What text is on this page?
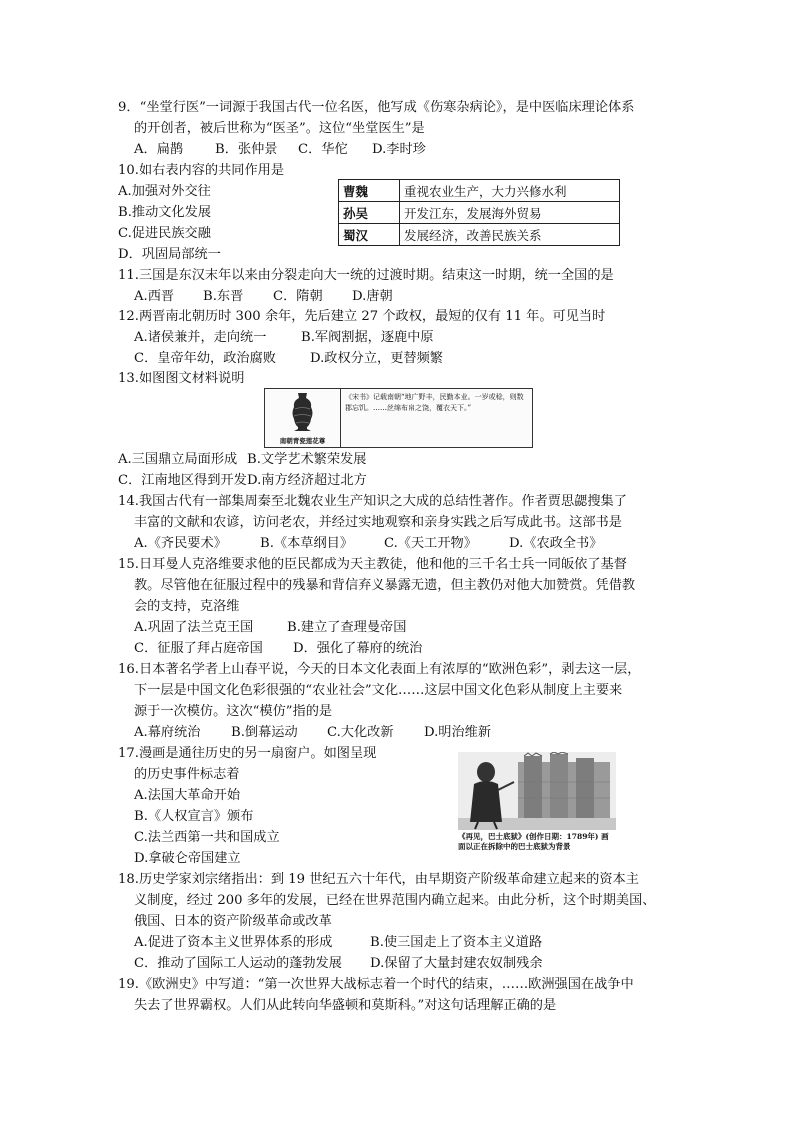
9．“坐堂行医”一词源于我国古代一位名医，他写成《伤寒杂病论》，是中医临床理论体系
的开创者，被后世称为“医圣”。这位“坐堂医生”是
A．扁鹊 B．张仲景 C．华佗 D.李时珍
10.如右表内容的共同作用是
A.加强对外交往
B.推动文化发展
C.促进民族交融
D．巩固局部统一
曹魏	重视农业生产，大力兴修水利
孙吴	开发江东，发展海外贸易
蜀汉	发展经济，改善民族关系
11.三国是东汉末年以来由分裂走向大一统的过渡时期。结束这一时期，统一全国的是
A.西晋 B.东晋 C．隋朝 D.唐朝
12.两晋南北朝历时 300 余年，先后建立 27 个政权，最短的仅有 11 年。可见当时
A.诸侯兼并，走向统一	B.军阀割据，逐鹿中原
C．皇帝年幼，政治腐败	D.政权分立，更替频繁
13.如图图文材料说明
南朝青瓷莲花尊
《宋书》记载南朝“地广野丰，民勤本业。一岁或稔，则数郡忘饥。……丝绵布帛之饶，覆衣天下。”
A.三国鼎立局面形成 B.文学艺术繁荣发展
C．江南地区得到开发 D.南方经济超过北方
14.我国古代有一部集周秦至北魏农业生产知识之大成的总结性著作。作者贾思勰搜集了
丰富的文献和农谚，访问老农，并经过实地观察和亲身实践之后写成此书。这部书是
A.《齐民要术》	B.《本草纲目》 C.《天工开物》 D.《农政全书》
15.日耳曼人克洛维要求他的臣民都成为天主教徒，他和他的三千名士兵一同皈依了基督
教。尽管他在征服过程中的残暴和背信弃义暴露无遗，但主教仍对他大加赞赏。凭借教
会的支持，克洛维
A.巩固了法兰克王国	B.建立了查理曼帝国
C．征服了拜占庭帝国 D．强化了幕府的统治
16.日本著名学者上山春平说，今天的日本文化表面上有浓厚的“欧洲色彩”，剥去这一层，
下一层是中国文化色彩很强的“农业社会”文化……这层中国文化色彩从制度上主要来
源于一次模仿。这次“模仿”指的是
A.幕府统治 B.倒幕运动 C.大化改新 D.明治维新
17.漫画是通往历史的另一扇窗户。如图呈现
的历史事件标志着
A.法国大革命开始
B.《人权宣言》颁布
C.法兰西第一共和国成立
D.拿破仑帝国建立
《再见，巴士底狱》(创作日期：1789年) 画面以正在拆除中的巴士底狱为背景
18.历史学家刘宗绪指出：到 19 世纪五六十年代，由早期资产阶级革命建立起来的资本主
义制度，经过 200 多年的发展，已经在世界范围内确立起来。由此分析，这个时期美国、
俄国、日本的资产阶级革命或改革
A.促进了资本主义世界体系的形成	B.使三国走上了资本主义道路
C．推动了国际工人运动的蓬勃发展 D.保留了大量封建农奴制残余
19.《欧洲史》中写道：“第一次世界大战标志着一个时代的结束，……欧洲强国在战争中
失去了世界霸权。人们从此转向华盛顿和莫斯科。”对这句话理解正确的是
